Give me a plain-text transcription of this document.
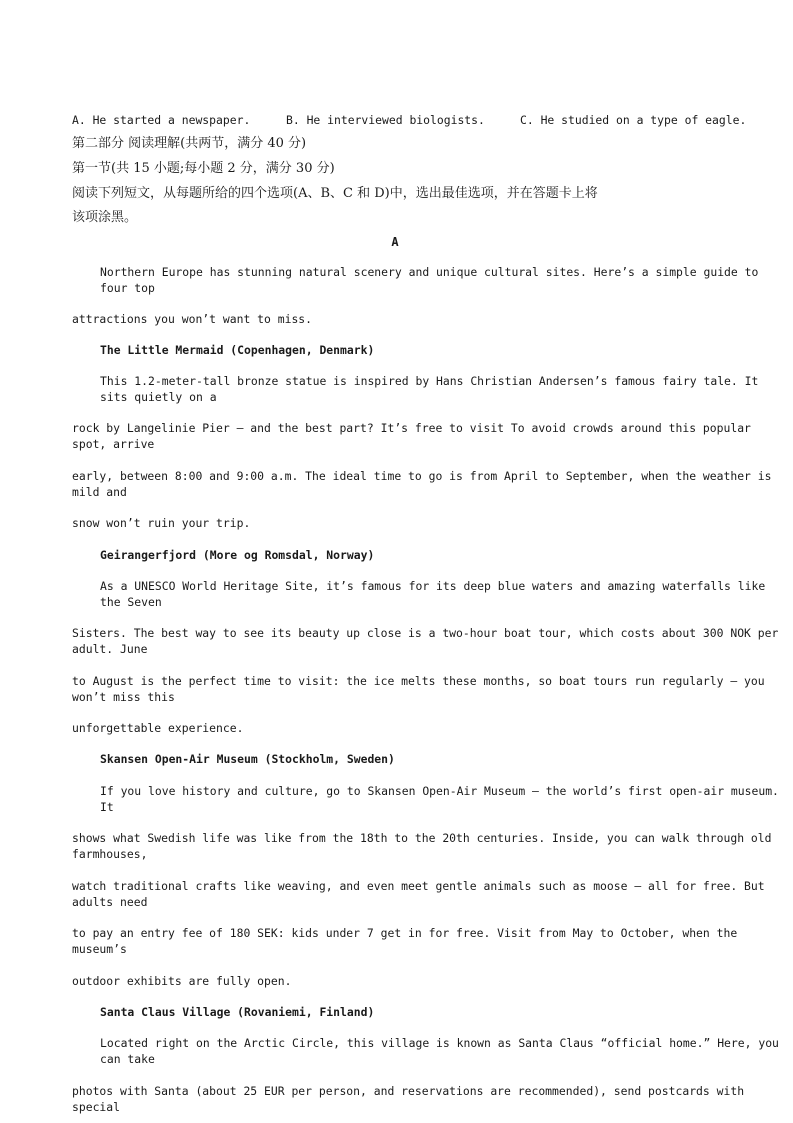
A. He started a newspaper.	B. He interviewed biologists.	C. He studied on a type of eagle.
第二部分 阅读理解(共两节，满分 40 分)
第一节(共 15 小题;每小题 2 分，满分 30 分)
阅读下列短文，从每题所给的四个选项(A、B、C 和 D)中，选出最佳选项，并在答题卡上将
该项涂黑。
A
Northern Europe has stunning natural scenery and unique cultural sites. Here’s a simple guide to four top
attractions you won’t want to miss.
The Little Mermaid (Copenhagen, Denmark)
This 1.2-meter-tall bronze statue is inspired by Hans Christian Andersen’s famous fairy tale. It sits quietly on a
rock by Langelinie Pier — and the best part? It’s free to visit To avoid crowds around this popular spot, arrive
early, between 8:00 and 9:00 a.m. The ideal time to go is from April to September, when the weather is mild and
snow won’t ruin your trip.
Geirangerfjord (More og Romsdal, Norway)
As a UNESCO World Heritage Site, it’s famous for its deep blue waters and amazing waterfalls like the Seven
Sisters. The best way to see its beauty up close is a two-hour boat tour, which costs about 300 NOK per adult. June
to August is the perfect time to visit: the ice melts these months, so boat tours run regularly — you won’t miss this
unforgettable experience.
Skansen Open-Air Museum (Stockholm, Sweden)
If you love history and culture, go to Skansen Open-Air Museum — the world’s first open-air museum. It
shows what Swedish life was like from the 18th to the 20th centuries. Inside, you can walk through old farmhouses,
watch traditional crafts like weaving, and even meet gentle animals such as moose — all for free. But adults need
to pay an entry fee of 180 SEK: kids under 7 get in for free. Visit from May to October, when the museum’s
outdoor exhibits are fully open.
Santa Claus Village (Rovaniemi, Finland)
Located right on the Arctic Circle, this village is known as Santa Claus “official home.” Here, you can take
photos with Santa (about 25 EUR per person, and reservations are recommended), send postcards with special
